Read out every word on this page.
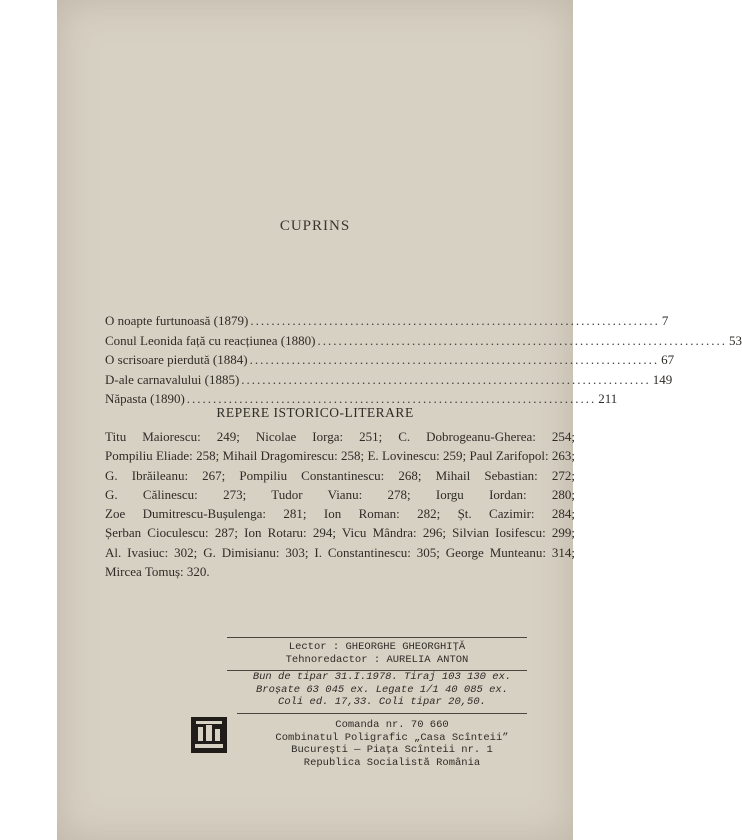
CUPRINS
O noapte furtunoasă (1879) .............................................................................. 7
Conul Leonida față cu reacțiunea (1880) .............................................................................. 53
O scrisoare pierdută (1884) .............................................................................. 67
D-ale carnavalului (1885) .............................................................................. 149
Năpasta (1890) .............................................................................. 211
REPERE ISTORICO-LITERARE
Titu Maiorescu: 249; Nicolae Iorga: 251; C. Dobrogeanu-Gherea: 254; Pompiliu Eliade: 258; Mihail Dragomirescu: 258; E. Lovinescu: 259; Paul Zarifopol: 263; G. Ibrăileanu: 267; Pompiliu Constantinescu: 268; Mihail Sebastian: 272; G. Călinescu: 273; Tudor Vianu: 278; Iorgu Iordan: 280; Zoe Dumitrescu-Bușulenga: 281; Ion Roman: 282; Șt. Cazimir: 284; Șerban Cioculescu: 287; Ion Rotaru: 294; Vicu Mândra: 296; Silvian Iosifescu: 299; Al. Ivasiuc: 302; G. Dimisianu: 303; I. Constantinescu: 305; George Munteanu: 314; Mircea Tomuș: 320.
Lector : GHEORGHE GHEORGHIȚĂ
Tehnoredactor : AURELIA ANTON
Bun de tipar 31.I.1978. Tiraj 103 130 ex.
Broșate 63 045 ex. Legate 1/1 40 085 ex.
Coli ed. 17,33. Coli tipar 20,50.
Comanda nr. 70 660
Combinatul Poligrafic „Casa Scînteii”
București — Piața Scînteii nr. 1
Republica Socialistă România
